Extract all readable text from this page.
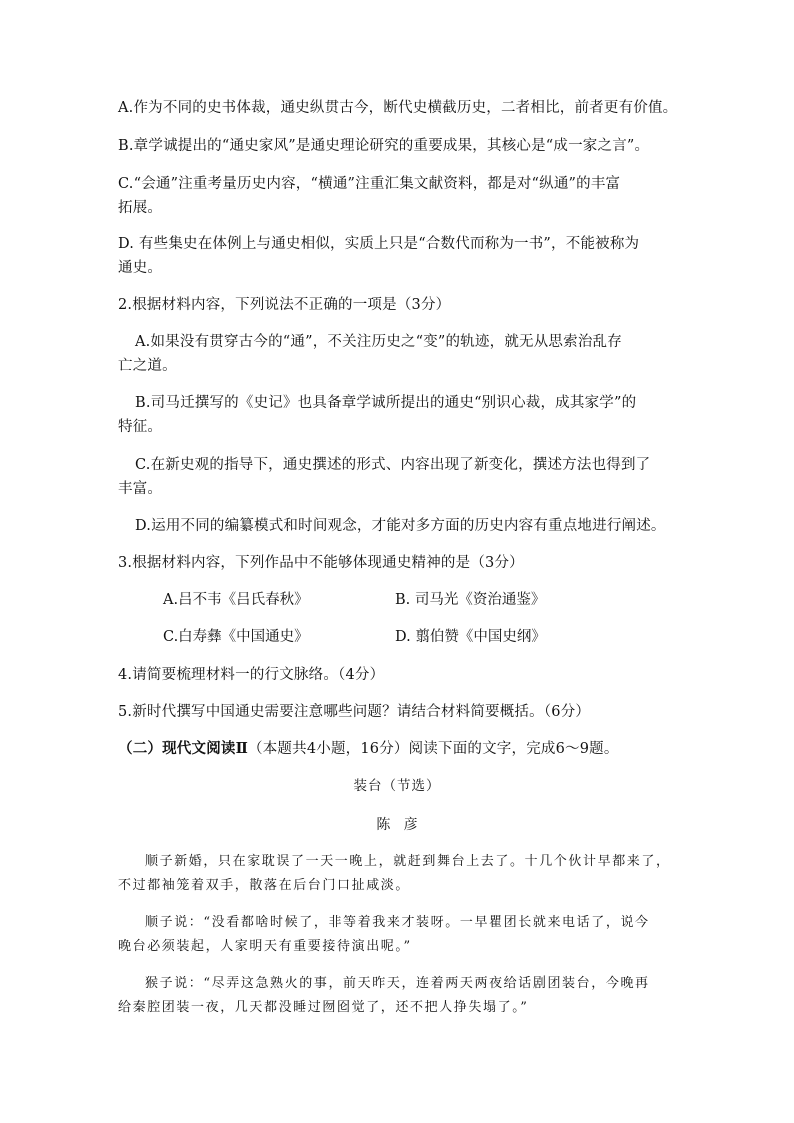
A.作为不同的史书体裁，通史纵贯古今，断代史横截历史，二者相比，前者更有价值。
B.章学诚提出的“通史家风”是通史理论研究的重要成果，其核心是“成一家之言”。
C.“会通”注重考量历史内容，“横通”注重汇集文献资料，都是对“纵通”的丰富
拓展。
D. 有些集史在体例上与通史相似，实质上只是“合数代而称为一书”，不能被称为
通史。
2.根据材料内容，下列说法不正确的一项是（3分）
A.如果没有贯穿古今的“通”，不关注历史之“变”的轨迹，就无从思索治乱存
亡之道。
B.司马迁撰写的《史记》也具备章学诚所提出的通史“别识心裁，成其家学”的
特征。
C.在新史观的指导下，通史撰述的形式、内容出现了新变化，撰述方法也得到了
丰富。
D.运用不同的编纂模式和时间观念，才能对多方面的历史内容有重点地进行阐述。
3.根据材料内容，下列作品中不能够体现通史精神的是（3分）
A.吕不韦《吕氏春秋》	B. 司马光《资治通鉴》
C.白寿彝《中国通史》	D. 翦伯赞《中国史纲》
4.请简要梳理材料一的行文脉络。（4分）
5.新时代撰写中国通史需要注意哪些问题？请结合材料简要概括。（6分）
（二）现代文阅读Ⅱ（本题共4小题，16分）阅读下面的文字，完成6～9题。
装台（节选）
陈   彦
顺子新婚，只在家耽误了一天一晚上，就赶到舞台上去了。十几个伙计早都来了，
不过都袖笼着双手，散落在后台门口扯咸淡。
顺子说：“没看都啥时候了，非等着我来才装呀。一早瞿团长就来电话了，说今
晚台必须装起，人家明天有重要接待演出呢。”
猴子说：“尽弄这急熟火的事，前天昨天，连着两天两夜给话剧团装台，今晚再
给秦腔团装一夜，几天都没睡过囫囵觉了，还不把人挣失塌了。”
